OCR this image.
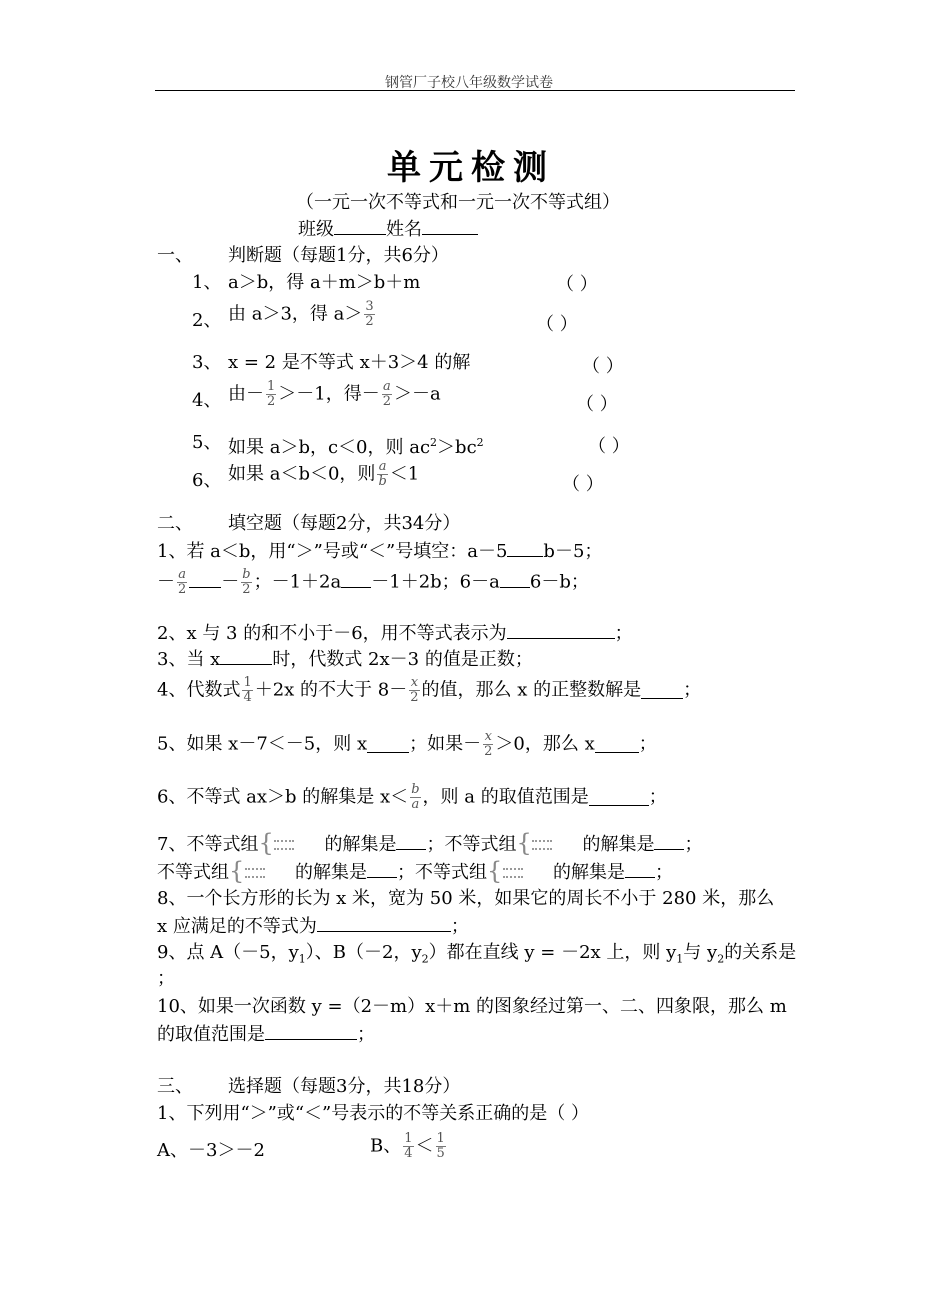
钢管厂子校八年级数学试卷
单元检测
（一元一次不等式和一元一次不等式组）
班级	姓名
一、 判断题（每题1分，共6分）
1、 a＞b，得 a＋m＞b＋m	（ ）
2、 由 a＞3，得 $a> \frac{3}{2}$	（ ）
3、 x = 2 是不等式 x＋3＞4 的解	（ ）
4、 由－ $\frac{1}{2} >-1$，得－ $\frac{a}{2} >-a$	（ ）
5、 如果 a＞b，c＜0，则 $ac^2>bc^2$	（ ）
6、 如果 a＜b＜0，则 $\frac{a}{b} <1$	（ ）
二、 填空题（每题2分，共34分）
1、若 a＜b，用“＞”号或“＜”号填空：a－5 b－5；
－ $\frac{a}{2} - \frac{b}{2}$ ；－1＋2a －1＋2b；6－a 6－b；
2、x 与 3 的和不小于－6，用不等式表示为	；
3、当 x	时，代数式 2x－3 的值是正数；
4、代数式 $\frac{1}{4} +2x$ 的不大于 $8- \frac{x}{2}$ 的值，那么 x 的正整数解是 ；
5、如果 x－7＜－5，则 x ；如果－ $\frac{x}{2} >0$，那么 x ；
6、不等式 ax＞b 的解集是 $x< \frac{b}{a}$ ，则 a 的取值范围是	；
7、不等式组 {	的解集是 ；不等式组 {	的解集是 ；
不等式组 {	的解集是 ；不等式组 {	的解集是 ；
8、一个长方形的长为 x 米，宽为 50 米，如果它的周长不小于 280 米，那么
x 应满足的不等式为	；
9、点 A（－5，$y_1$）、B（－2，$y_2$）都在直线 y = －2x 上，则 $y_1$与 $y_2$的关系是
；
10、如果一次函数 y =（2－m）x＋m 的图象经过第一、二、四象限，那么 m
的取值范围是	；
三、 选择题（每题3分，共18分）
1、下列用“＞”或“＜”号表示的不等关系正确的是（ ）
A、－3＞－2	B、 $\frac{1}{4} < \frac{1}{5}$
